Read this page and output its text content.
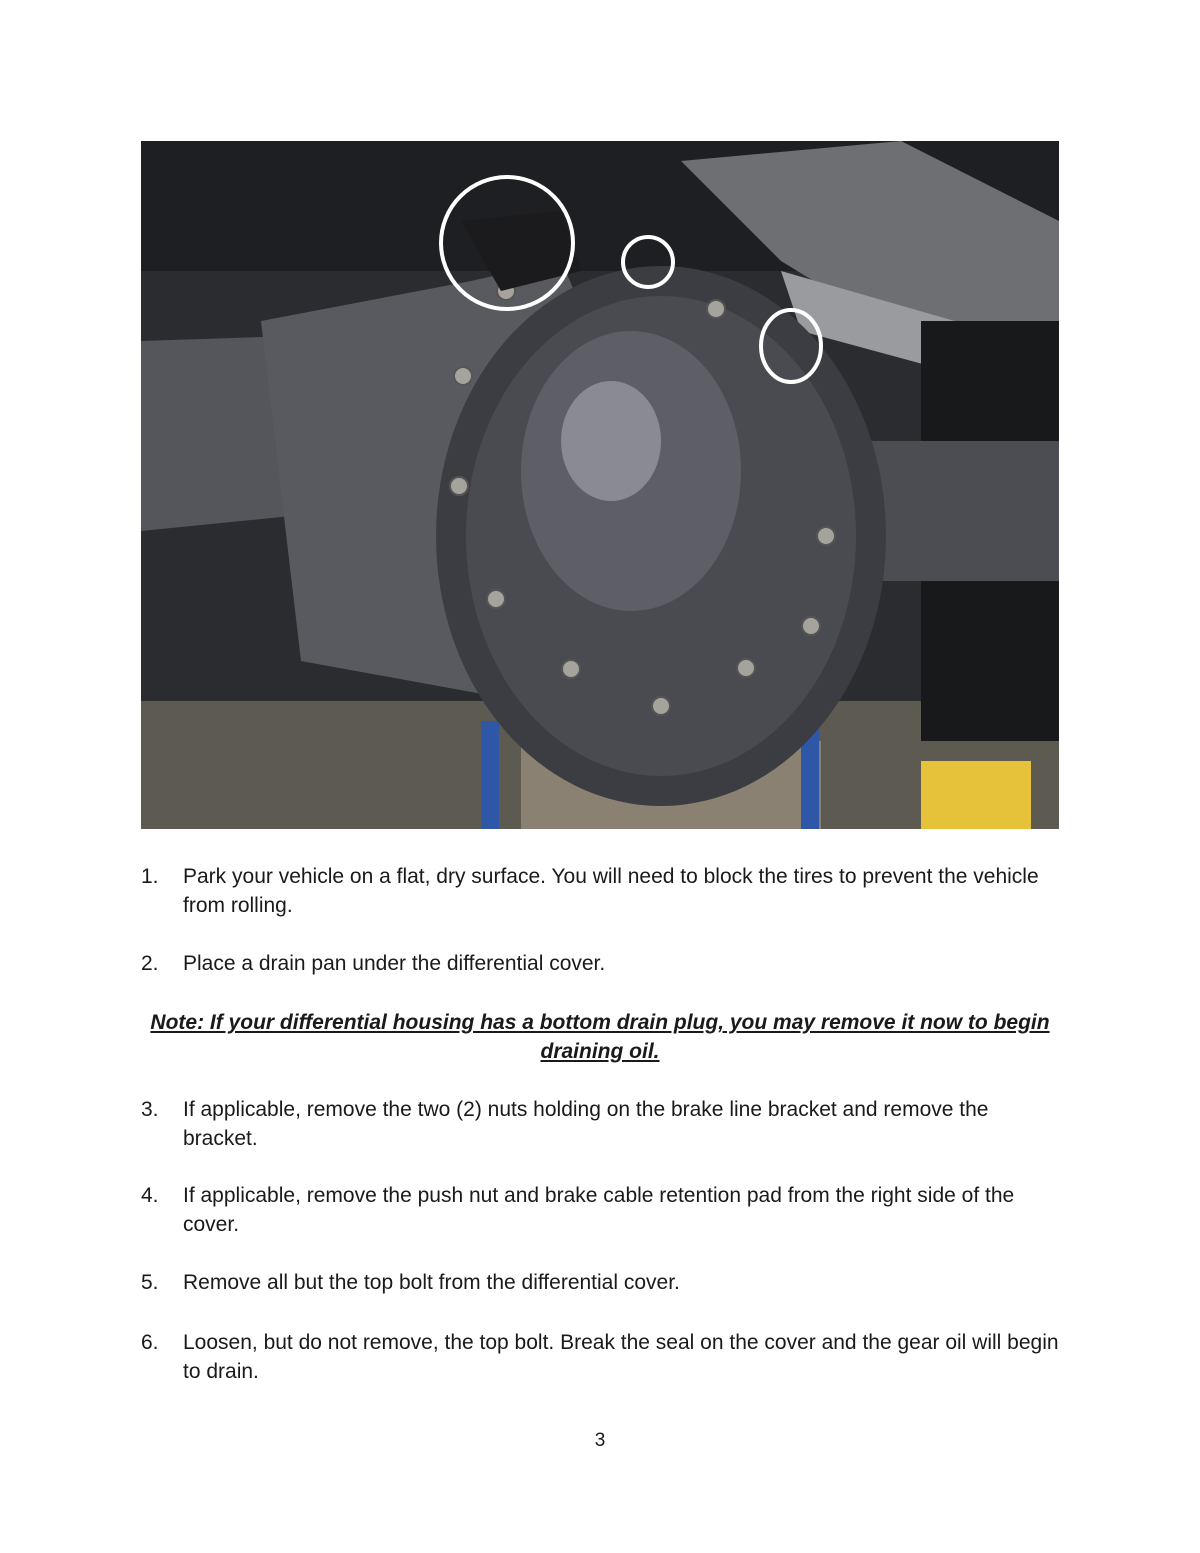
1.	Park your vehicle on a flat, dry surface. You will need to block the tires to prevent the vehicle from rolling.
2.	Place a drain pan under the differential cover.
3.	If applicable, remove the two (2) nuts holding on the brake line bracket and remove the bracket.
4.	If applicable, remove the push nut and brake cable retention pad from the right side of the cover.
5.	Remove all but the top bolt from the differential cover.
6.	Loosen, but do not remove, the top bolt. Break the seal on the cover and the gear oil will begin to drain.
Note: If your differential housing has a bottom drain plug, you may remove it now to begin draining oil.
3
